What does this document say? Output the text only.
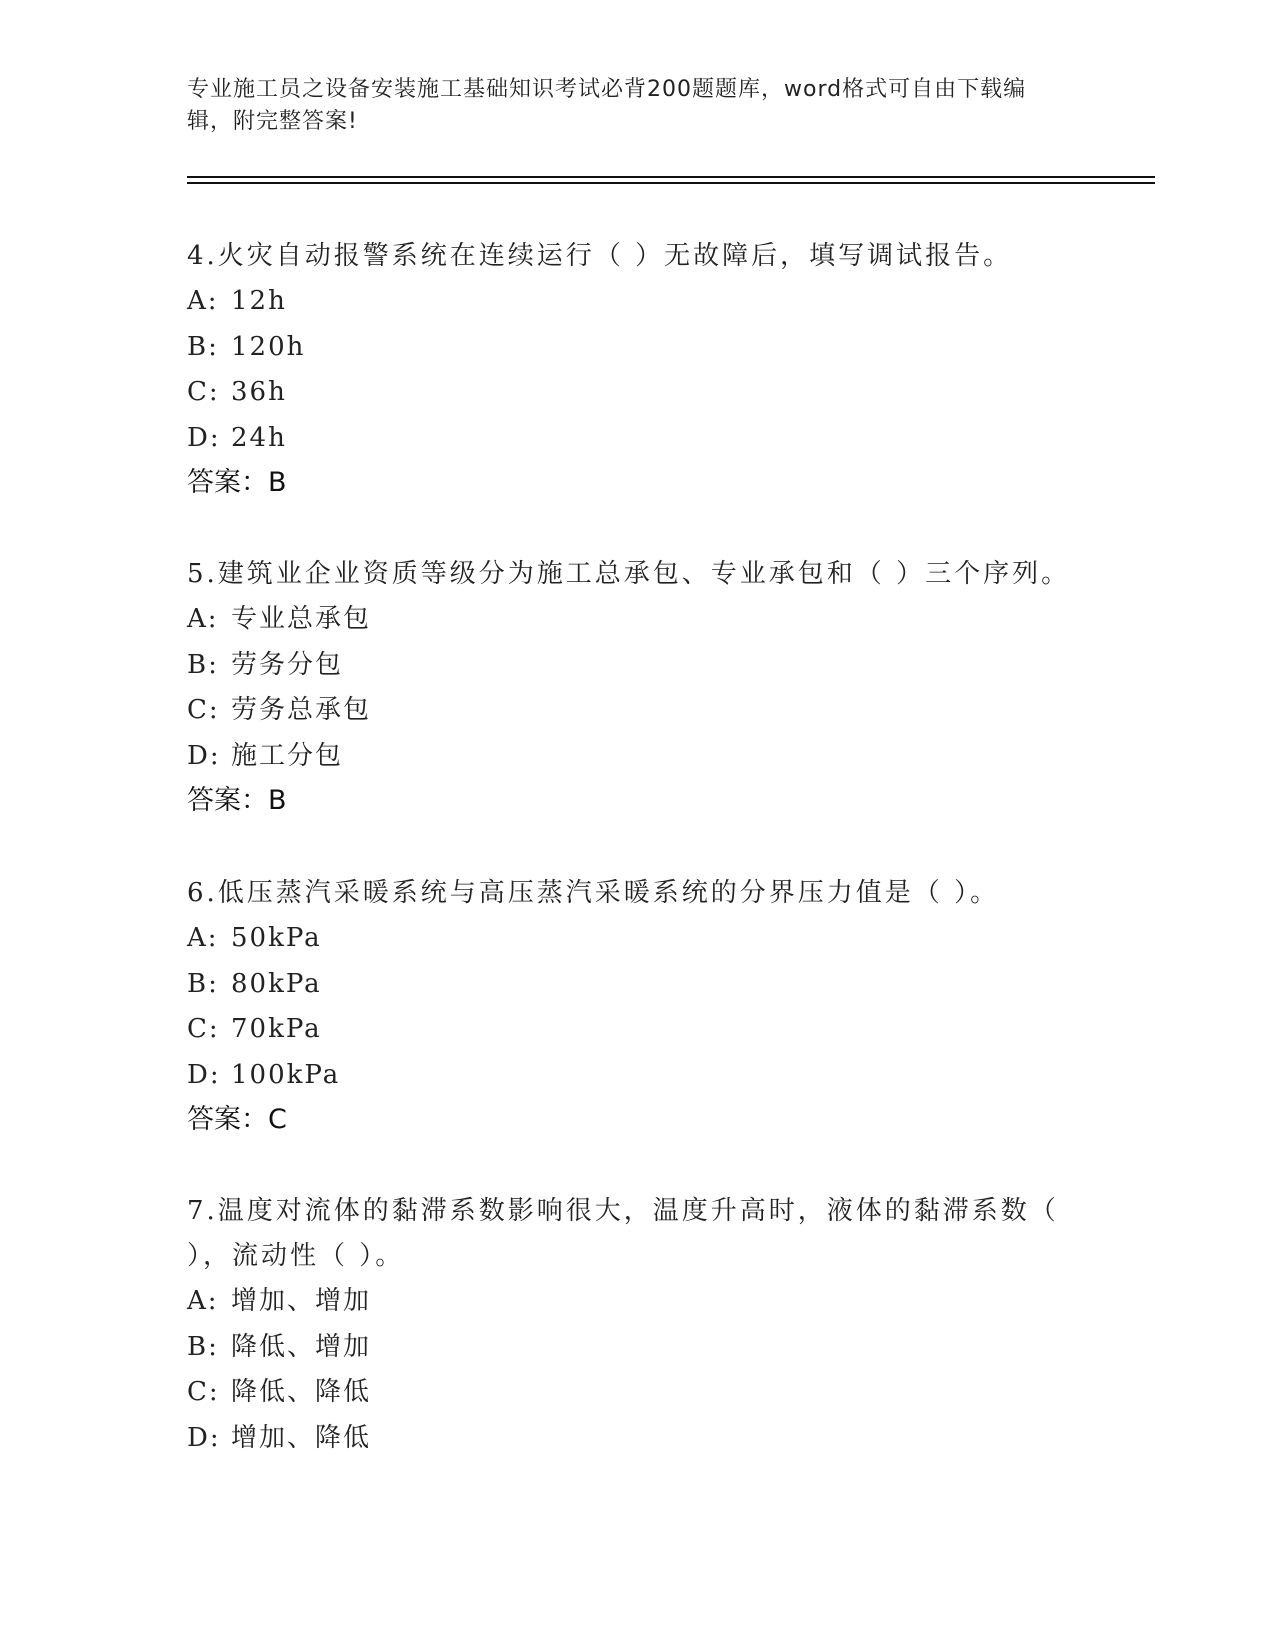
专业施工员之设备安装施工基础知识考试必背200题题库，word格式可自由下载编辑，附完整答案!

4.火灾自动报警系统在连续运行（ ）无故障后，填写调试报告。

A: 12h
B: 120h
C: 36h
D: 24h
答案：B

5.建筑业企业资质等级分为施工总承包、专业承包和（ ）三个序列。

A: 专业总承包
B: 劳务分包
C: 劳务总承包
D: 施工分包
答案：B

6.低压蒸汽采暖系统与高压蒸汽采暖系统的分界压力值是（ ）。

A: 50kPa
B: 80kPa
C: 70kPa
D: 100kPa
答案：C

7.温度对流体的黏滞系数影响很大，温度升高时，液体的黏滞系数（ ），流动性（ ）。

A: 增加、增加
B: 降低、增加
C: 降低、降低
D: 增加、降低
